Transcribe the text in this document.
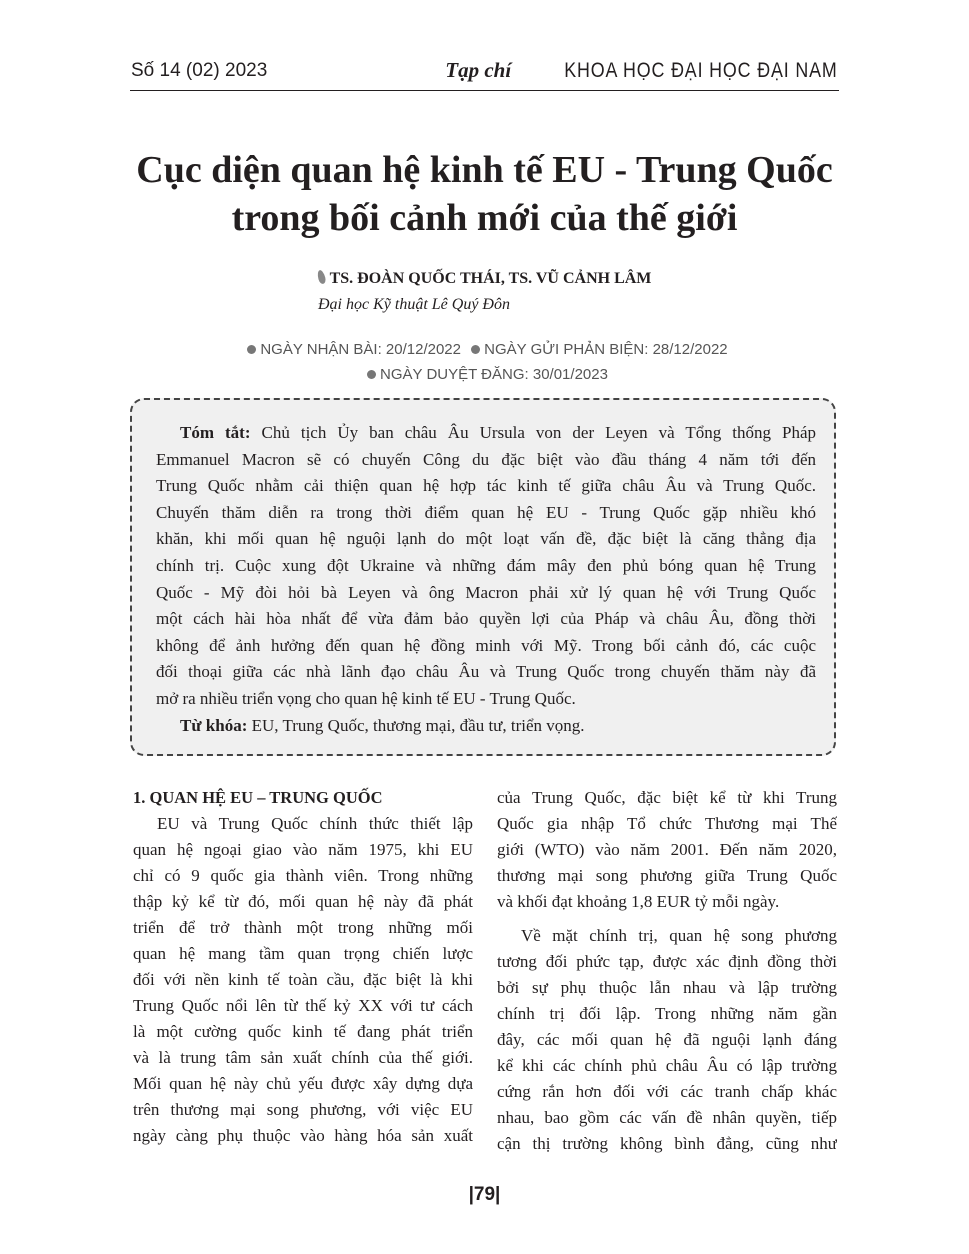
Số 14 (02) 2023	Tạp chí	KHOA HỌC ĐẠI HỌC ĐẠI NAM
Cục diện quan hệ kinh tế EU - Trung Quốc
trong bối cảnh mới của thế giới
TS. ĐOÀN QUỐC THÁI, TS. VŨ CẢNH LÂM
Đại học Kỹ thuật Lê Quý Đôn
NGÀY NHẬN BÀI: 20/12/2022 NGÀY GỬI PHẢN BIỆN: 28/12/2022
NGÀY DUYỆT ĐĂNG: 30/01/2023
Tóm tắt: Chủ tịch Ủy ban châu Âu Ursula von der Leyen và Tổng thống Pháp
Emmanuel Macron sẽ có chuyến Công du đặc biệt vào đầu tháng 4 năm tới đến
Trung Quốc nhằm cải thiện quan hệ hợp tác kinh tế giữa châu Âu và Trung Quốc.
Chuyến thăm diễn ra trong thời điểm quan hệ EU - Trung Quốc gặp nhiều khó
khăn, khi mối quan hệ nguội lạnh do một loạt vấn đề, đặc biệt là căng thẳng địa
chính trị. Cuộc xung đột Ukraine và những đám mây đen phủ bóng quan hệ Trung
Quốc - Mỹ đòi hỏi bà Leyen và ông Macron phải xử lý quan hệ với Trung Quốc
một cách hài hòa nhất để vừa đảm bảo quyền lợi của Pháp và châu Âu, đồng thời
không để ảnh hưởng đến quan hệ đồng minh với Mỹ. Trong bối cảnh đó, các cuộc
đối thoại giữa các nhà lãnh đạo châu Âu và Trung Quốc trong chuyến thăm này đã
mở ra nhiều triển vọng cho quan hệ kinh tế EU - Trung Quốc.
Từ khóa: EU, Trung Quốc, thương mại, đầu tư, triển vọng.
1. QUAN HỆ EU – TRUNG QUỐC
EU và Trung Quốc chính thức thiết lập
quan hệ ngoại giao vào năm 1975, khi EU
chỉ có 9 quốc gia thành viên. Trong những
thập kỷ kể từ đó, mối quan hệ này đã phát
triển để trở thành một trong những mối
quan hệ mang tầm quan trọng chiến lược
đối với nền kinh tế toàn cầu, đặc biệt là khi
Trung Quốc nổi lên từ thế kỷ XX với tư cách
là một cường quốc kinh tế đang phát triển
và là trung tâm sản xuất chính của thế giới.
Mối quan hệ này chủ yếu được xây dựng dựa
trên thương mại song phương, với việc EU
ngày càng phụ thuộc vào hàng hóa sản xuất
của Trung Quốc, đặc biệt kể từ khi Trung
Quốc gia nhập Tổ chức Thương mại Thế
giới (WTO) vào năm 2001. Đến năm 2020,
thương mại song phương giữa Trung Quốc
và khối đạt khoảng 1,8 EUR tỷ mỗi ngày.
Về mặt chính trị, quan hệ song phương
tương đối phức tạp, được xác định đồng thời
bởi sự phụ thuộc lẫn nhau và lập trường
chính trị đối lập. Trong những năm gần
đây, các mối quan hệ đã nguội lạnh đáng
kể khi các chính phủ châu Âu có lập trường
cứng rắn hơn đối với các tranh chấp khác
nhau, bao gồm các vấn đề nhân quyền, tiếp
cận thị trường không bình đẳng, cũng như
|79|
